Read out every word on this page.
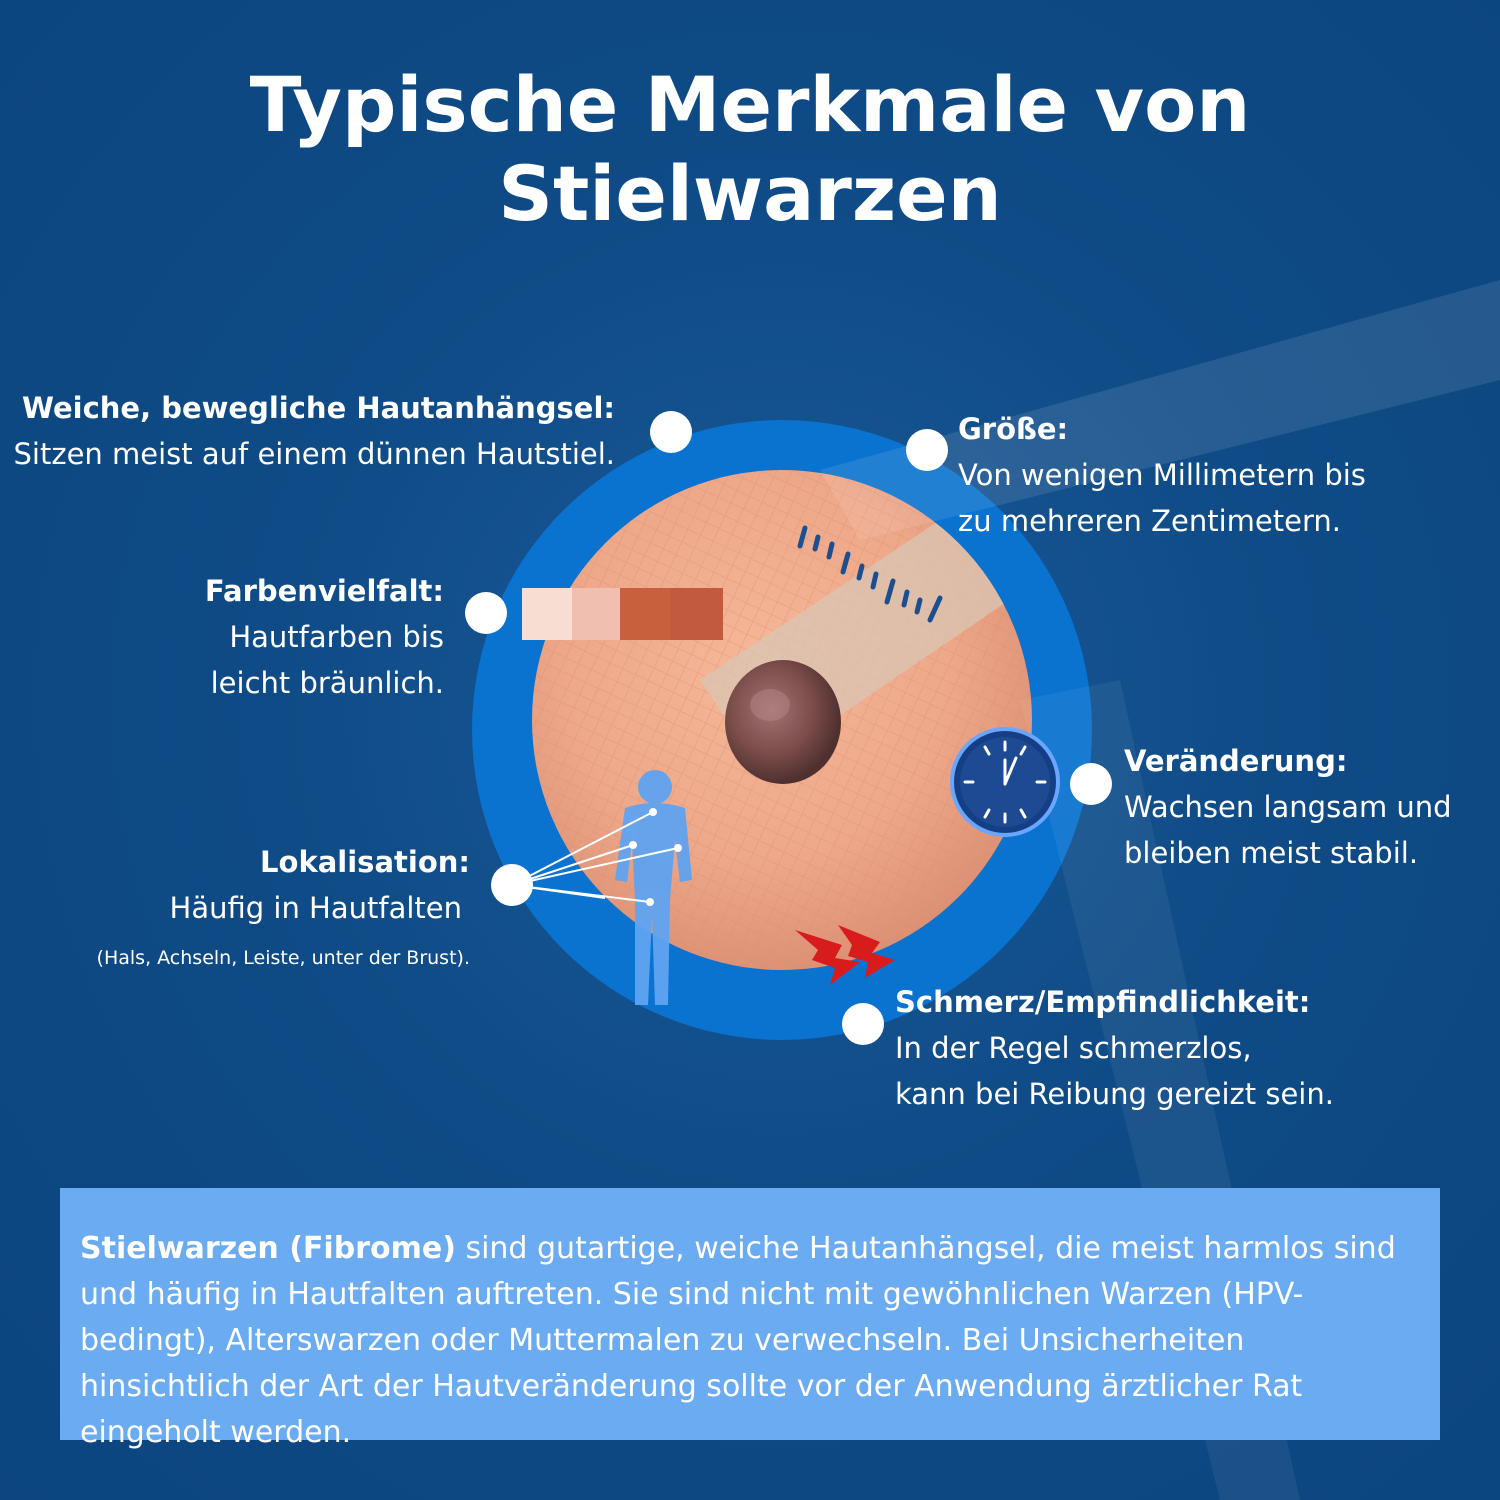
Typische Merkmale von Stielwarzen
Weiche, bewegliche Hautanhängsel:
Sitzen meist auf einem dünnen Hautstiel.
Größe:
Von wenigen Millimetern bis
zu mehreren Zentimetern.
Farbenvielfalt:
Hautfarben bis
leicht bräunlich.
Veränderung:
Wachsen langsam und
bleiben meist stabil.
Lokalisation:
Häufig in Hautfalten
(Hals, Achseln, Leiste, unter der Brust).
Schmerz/Empfindlichkeit:
In der Regel schmerzlos,
kann bei Reibung gereizt sein.
Stielwarzen (Fibrome) sind gutartige, weiche Hautanhängsel, die meist harmlos sind und häufig in Hautfalten auftreten. Sie sind nicht mit gewöhnlichen Warzen (HPV-bedingt), Alterswarzen oder Muttermalen zu verwechseln. Bei Unsicherheiten hinsichtlich der Art der Hautveränderung sollte vor der Anwendung ärztlicher Rat eingeholt werden.
